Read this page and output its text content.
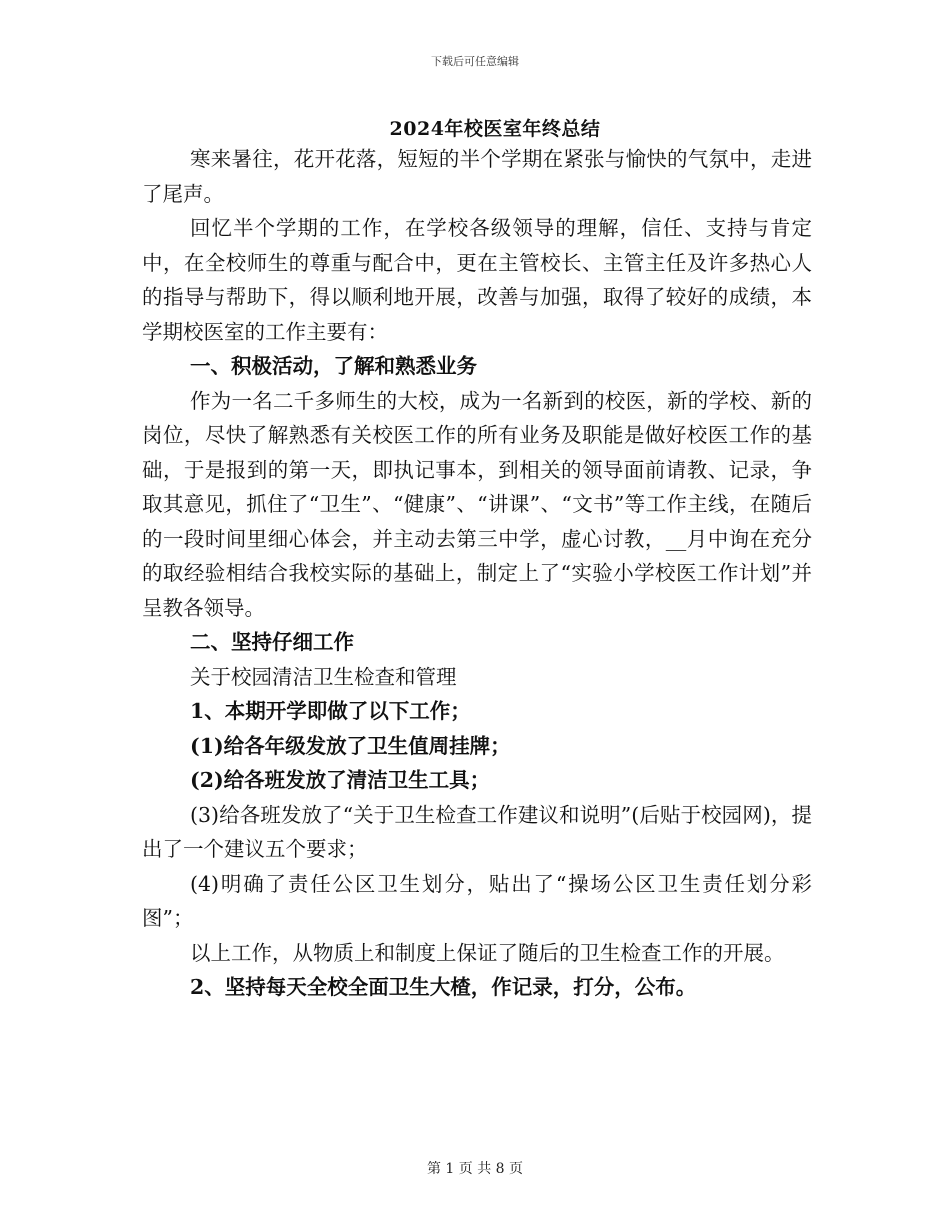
下载后可任意编辑
2024年校医室年终总结

寒来暑往，花开花落，短短的半个学期在紧张与愉快的气氛中，走进了尾声。

回忆半个学期的工作，在学校各级领导的理解，信任、支持与肯定中，在全校师生的尊重与配合中，更在主管校长、主管主任及许多热心人的指导与帮助下，得以顺利地开展，改善与加强，取得了较好的成绩，本学期校医室的工作主要有：

一、积极活动，了解和熟悉业务

作为一名二千多师生的大校，成为一名新到的校医，新的学校、新的岗位，尽快了解熟悉有关校医工作的所有业务及职能是做好校医工作的基础，于是报到的第一天，即执记事本，到相关的领导面前请教、记录，争取其意见，抓住了“卫生”、“健康”、“讲课”、“文书”等工作主线，在随后的一段时间里细心体会，并主动去第三中学，虚心讨教，__月中询在充分的取经验相结合我校实际的基础上，制定上了“实验小学校医工作计划”并呈教各领导。

二、坚持仔细工作

关于校园清洁卫生检查和管理

1、本期开学即做了以下工作；

(1)给各年级发放了卫生值周挂牌；

(2)给各班发放了清洁卫生工具；

(3)给各班发放了“关于卫生检查工作建议和说明”(后贴于校园网)，提出了一个建议五个要求；

(4)明确了责任公区卫生划分，贴出了“操场公区卫生责任划分彩图”；

以上工作，从物质上和制度上保证了随后的卫生检查工作的开展。

2、坚持每天全校全面卫生大楂，作记录，打分，公布。

第 1 页 共 8 页
